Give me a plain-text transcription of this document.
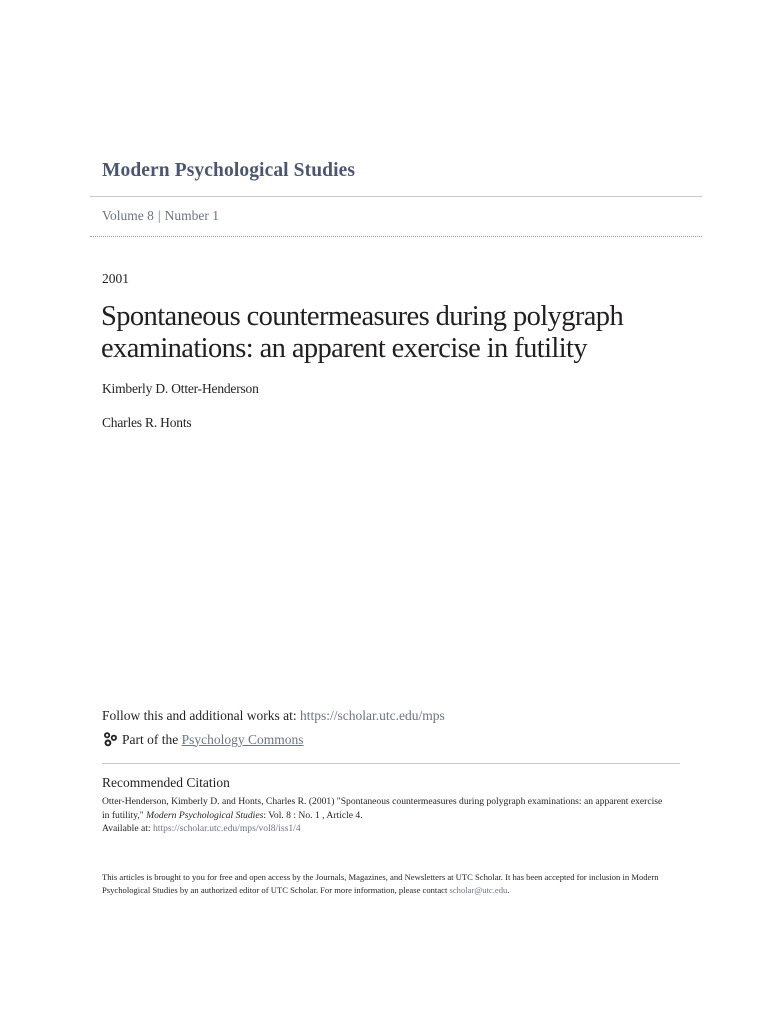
Modern Psychological Studies
Volume 8 | Number 1
2001
Spontaneous countermeasures during polygraph examinations: an apparent exercise in futility
Kimberly D. Otter-Henderson
Charles R. Honts
Follow this and additional works at: https://scholar.utc.edu/mps
Part of the
Psychology Commons
Recommended Citation
Otter-Henderson, Kimberly D. and Honts, Charles R. (2001) "Spontaneous countermeasures during polygraph examinations: an apparent exercise in futility," Modern Psychological Studies: Vol. 8 : No. 1 , Article 4.
Available at: https://scholar.utc.edu/mps/vol8/iss1/4
This articles is brought to you for free and open access by the Journals, Magazines, and Newsletters at UTC Scholar. It has been accepted for inclusion in Modern Psychological Studies by an authorized editor of UTC Scholar. For more information, please contact scholar@utc.edu.
